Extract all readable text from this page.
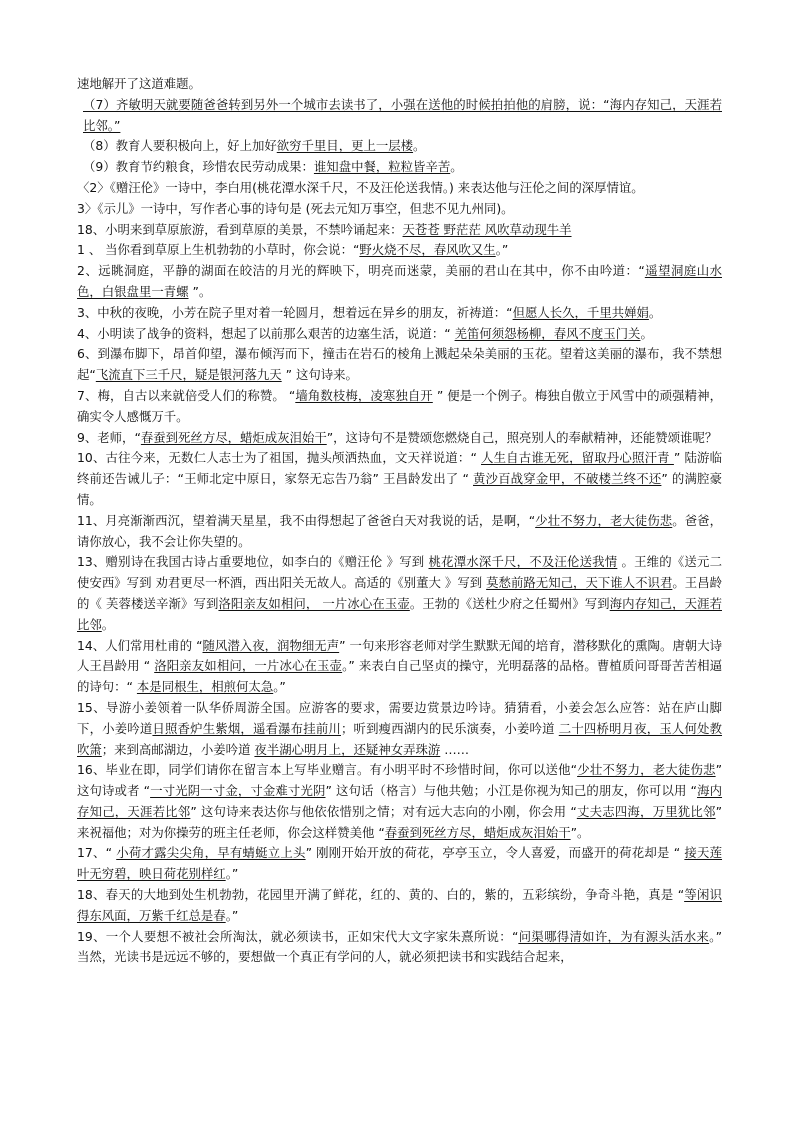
速地解开了这道难题。

（7）齐敏明天就要随爸爸转到另外一个城市去读书了，小强在送他的时候拍拍他的肩膀，说：“海内存知己，天涯若比邻。”

（8）教育人要积极向上，好上加好欲穷千里目，更上一层楼。

（9）教育节约粮食，珍惜农民劳动成果：谁知盘中餐，粒粒皆辛苦。

〈2〉《赠汪伦》一诗中，李白用(桃花潭水深千尺，不及汪伦送我情。) 来表达他与汪伦之间的深厚情谊。

3〉《示儿》一诗中，写作者心事的诗句是 (死去元知万事空，但悲不见九州同)。

18、小明来到草原旅游，看到草原的美景，不禁吟诵起来：天苍苍 野茫茫 风吹草动现牛羊

1 、 当你看到草原上生机勃勃的小草时，你会说：“野火烧不尽，春风吹又生。”

2、远眺洞庭，平静的湖面在皎洁的月光的辉映下，明亮而迷蒙，美丽的君山在其中，你不由吟道：“遥望洞庭山水色，白银盘里一青螺 ”。

3、中秋的夜晚，小芳在院子里对着一轮圆月，想着远在异乡的朋友，祈祷道：“但愿人长久，千里共婵娟。

4、小明读了战争的资料，想起了以前那么艰苦的边塞生活，说道：“ 羌笛何须怨杨柳，春风不度玉门关。

6、到瀑布脚下，昂首仰望，瀑布倾泻而下，撞击在岩石的棱角上溅起朵朵美丽的玉花。望着这美丽的瀑布，我不禁想起“飞流直下三千尺，疑是银河落九天 ” 这句诗来。

7、梅，自古以来就倍受人们的称赞。 “墙角数枝梅，凌寒独自开 ” 便是一个例子。梅独自傲立于风雪中的顽强精神，确实令人感慨万千。

9、老师，“春蚕到死丝方尽，蜡炬成灰泪始干”，这诗句不是赞颂您燃烧自己，照亮别人的奉献精神，还能赞颂谁呢？

10、古往今来，无数仁人志士为了祖国，抛头颅洒热血，文天祥说道：“ 人生自古谁无死，留取丹心照汗青 ” 陆游临终前还告诫儿子：“王师北定中原日，家祭无忘告乃翁” 王昌龄发出了 “ 黄沙百战穿金甲，不破楼兰终不还” 的满腔豪情。

11、月亮渐渐西沉，望着满天星星，我不由得想起了爸爸白天对我说的话，是啊，“少壮不努力，老大徒伤悲。爸爸，请你放心，我不会让你失望的。

13、赠别诗在我国古诗占重要地位，如李白的《赠汪伦 》写到 桃花潭水深千尺，不及汪伦送我情 。王维的《送元二使安西》写到 劝君更尽一杯酒，西出阳关无故人。高适的《别董大 》写到 莫愁前路无知己，天下谁人不识君。王昌龄的《 芙蓉楼送辛渐》写到洛阳亲友如相问， 一片冰心在玉壶。王勃的《送杜少府之任蜀州》写到海内存知己，天涯若比邻。

14、人们常用杜甫的 “随风潜入夜，润物细无声” 一句来形容老师对学生默默无闻的培育，潜移默化的熏陶。唐朝大诗人王昌龄用 “ 洛阳亲友如相问，一片冰心在玉壶。” 来表白自己坚贞的操守，光明磊落的品格。曹植质问哥哥苦苦相逼的诗句：“ 本是同根生，相煎何太急。”

15、导游小姜领着一队华侨周游全国。应游客的要求，需要边赏景边吟诗。猜猜看，小姜会怎么应答：站在庐山脚下，小姜吟道日照香炉生紫烟，遥看瀑布挂前川；听到瘦西湖内的民乐演奏，小姜吟道 二十四桥明月夜，玉人何处教吹箫；来到高邮湖边，小姜吟道 夜半湖心明月上，还疑神女弄珠游 ……

16、毕业在即，同学们请你在留言本上写毕业赠言。有小明平时不珍惜时间，你可以送他“少壮不努力，老大徒伤悲” 这句诗或者 “一寸光阴一寸金，寸金难寸光阴” 这句话（格言）与他共勉；小江是你视为知己的朋友，你可以用 “海内存知己，天涯若比邻” 这句诗来表达你与他依依惜别之情；对有远大志向的小刚，你会用 “丈夫志四海，万里犹比邻” 来祝福他；对为你操劳的班主任老师，你会这样赞美他 “春蚕到死丝方尽，蜡炬成灰泪始干”。

17、“ 小荷才露尖尖角，早有蜻蜓立上头” 刚刚开始开放的荷花，亭亭玉立，令人喜爱，而盛开的荷花却是 “ 接天莲叶无穷碧，映日荷花别样红。”

18、春天的大地到处生机勃勃，花园里开满了鲜花，红的、黄的、白的，紫的，五彩缤纷，争奇斗艳，真是 “等闲识得东风面，万紫千红总是春。”

19、一个人要想不被社会所淘汰，就必须读书，正如宋代大文字家朱熹所说：“问渠哪得清如许，为有源头活水来。” 当然，光读书是远远不够的，要想做一个真正有学问的人，就必须把读书和实践结合起来，
